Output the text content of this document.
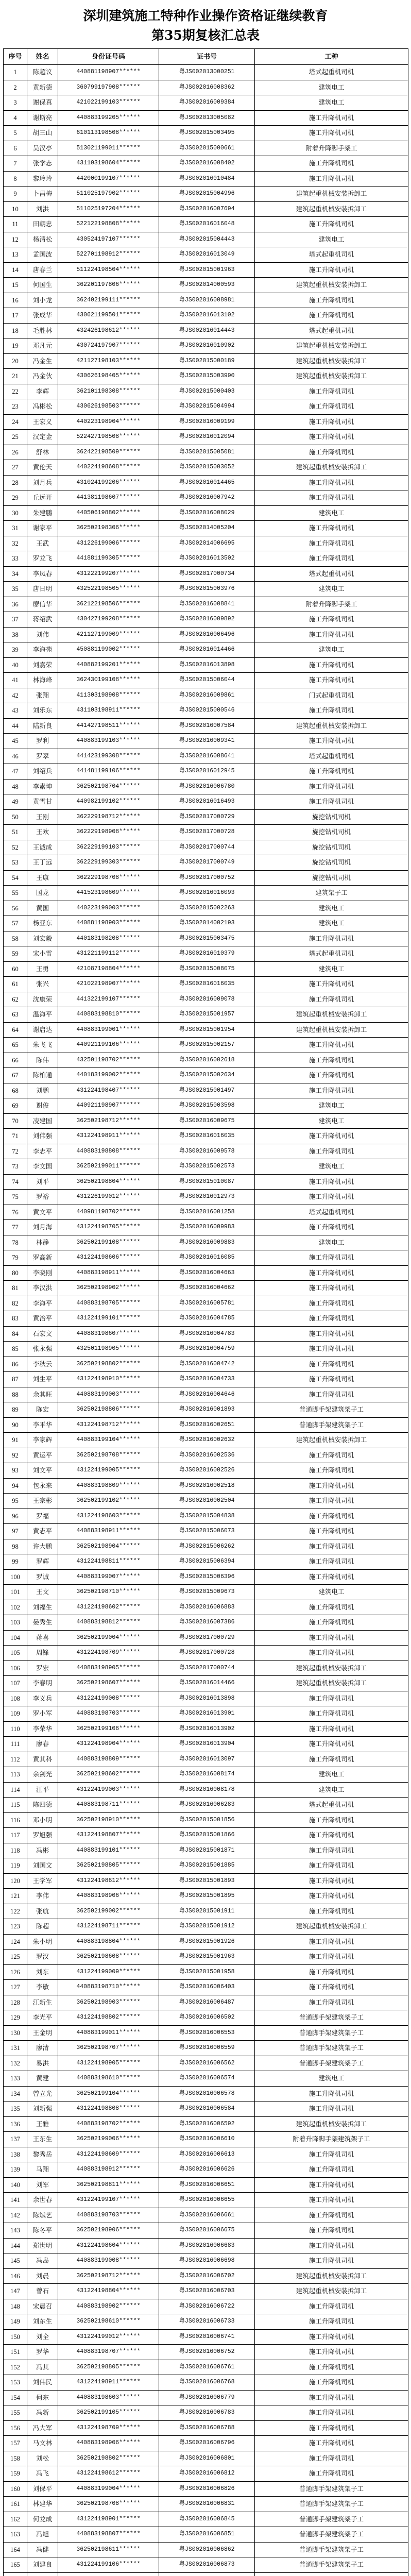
深圳建筑施工特种作业操作资格证继续教育
第35期复核汇总表
序号	姓名	身份证号码	证书号	工种
1	陈超议	440881198907******	粤JS002013000251	塔式起重机司机
2	黄新德	360799197908******	粤JS002016008362	建筑电工
3	谢保真	421022199103******	粤JS002016009384	建筑电工
4	谢斯亮	440883199205******	粤JS002013005082	施工升降机司机
5	胡三山	610113198508******	粤JS002015003495	施工升降机司机
6	吴汉亭	513021199011******	粤JS002015000661	附着升降脚手架工
7	张学志	431103198604******	粤JS002016008402	施工升降机司机
8	黎玲玲	442000199107******	粤JS002016010484	施工升降机司机
9	卜昌梅	511025197902******	粤JS002015004996	建筑起重机械安装拆卸工
10	刘洪	511025197204******	粤JS002016007694	建筑起重机械安装拆卸工
11	田朝忠	522122198808******	粤JS002016016048	施工升降机司机
12	杨清松	430524197107******	粤JS002015004443	建筑电工
13	孟国波	522701198912******	粤JS002016013049	塔式起重机司机
14	唐春兰	511224198504******	粤JS002015001963	施工升降机司机
15	何国生	362201197806******	粤JS002014000593	建筑起重机械安装拆卸工
16	刘小龙	362402199111******	粤JS002016008981	施工升降机司机
17	张成华	430621199501******	粤JS002016013102	施工升降机司机
18	毛胜林	432426198612******	粤JS002016014443	塔式起重机司机
19	邓凡元	430724197907******	粤JS002016010902	建筑起重机械安装拆卸工
20	冯金生	421127198103******	粤JS002015000189	建筑起重机械安装拆卸工
21	冯金伙	430626198405******	粤JS002015003990	建筑起重机械安装拆卸工
22	李辉	362101198308******	粤JS002015000403	施工升降机司机
23	冯彬松	430626198503******	粤JS002015004994	施工升降机司机
24	王宏义	440223198904******	粤JS002016009199	施工升降机司机
25	汉定金	522427198508******	粤JS002016012094	施工升降机司机
26	舒林	362422198509******	粤JS002015005081	施工升降机司机
27	黄伦天	440224198608******	粤JS002015003052	建筑起重机械安装拆卸工
28	刘月兵	431024199206******	粤JS002016014465	施工升降机司机
29	丘远开	441381198607******	粤JS002016007942	施工升降机司机
30	朱建鹏	440506198802******	粤JS002016008029	建筑电工
31	谢家平	362502198306******	粤JS002014005204	施工升降机司机
32	王武	431226199006******	粤JS002014006695	施工升降机司机
33	罗龙飞	441881199305******	粤JS002016013502	施工升降机司机
34	李凤春	431222199207******	粤JS002017000734	塔式起重机司机
35	唐日明	432522198505******	粤JS002015003976	建筑电工
36	廖信华	362122198506******	粤JS002016008841	附着升降脚手架工
37	蒋绍武	430427199208******	粤JS002016009892	施工升降机司机
38	刘伟	421127199009******	粤JS002016006496	施工升降机司机
39	李海苑	450881199002******	粤JS002016014466	建筑电工
40	刘嘉荣	440882199201******	粤JS002016013898	施工升降机司机
41	林海峰	362430199108******	粤JS002015006044	施工升降机司机
42	张翔	411303198908******	粤JS002016009861	门式起重机司机
43	刘乐东	431103198911******	粤JS002015000546	施工升降机司机
44	陆新良	441427198511******	粤JS002016007584	建筑起重机械安装拆卸工
45	罗利	440883199103******	粤JS002016009341	施工升降机司机
46	罗翠	441423199308******	粤JS002016008641	塔式起重机司机
47	刘绍兵	441481199106******	粤JS002016012945	施工升降机司机
48	李素坤	362502198704******	粤JS002016006780	施工升降机司机
49	黄雪甘	440982199102******	粤JS002016016493	施工升降机司机
50	王刚	362229198712******	粤JS002017000729	旋挖钻机司机
51	王欢	362229198908******	粤JS002017000728	旋挖钻机司机
52	王诚成	362229199103******	粤JS002017000744	旋挖钻机司机
53	王丁远	362229199303******	粤JS002017000749	旋挖钻机司机
54	王康	362229198708******	粤JS002017000752	旋挖钻机司机
55	国龙	441523198609******	粤JS002016016093	建筑架子工
56	黄国	440223199003******	粤JS002015002263	建筑电工
57	杨亚东	440881198903******	粤JS002014002193	建筑电工
58	刘宏毅	440183198208******	粤JS002015003475	施工升降机司机
59	宋小雷	431221199112******	粤JS002016010379	塔式起重机司机
60	王勇	421087198804******	粤JS002015008075	建筑电工
61	张兴	421022198907******	粤JS002016016035	施工升降机司机
62	沈康荣	441322199107******	粤JS002016009078	施工升降机司机
63	温海平	440883198810******	粤JS002015001957	建筑起重机械安装拆卸工
64	谢启达	440883199001******	粤JS002015001954	建筑起重机械安装拆卸工
65	朱飞飞	440921199106******	粤JS002015002157	施工升降机司机
66	陈伟	432501198702******	粤JS002016002618	施工升降机司机
67	陈柏通	440183199002******	粤JS002015002634	施工升降机司机
68	刘鹏	431224198407******	粤JS002015001497	施工升降机司机
69	谢俊	440921198907******	粤JS002015003598	建筑电工
70	凌建国	362502198712******	粤JS002016009675	建筑电工
71	刘伟强	431224198911******	粤JS002016016035	施工升降机司机
72	李志平	440883198808******	粤JS002016009578	施工升降机司机
73	李文国	362502199011******	粤JS002015002573	建筑电工
74	刘平	362502198804******	粤JS002015010087	施工升降机司机
75	罗裕	431226199012******	粤JS002016012973	施工升降机司机
76	黄文平	440981198702******	粤JS002016001258	塔式起重机司机
77	刘月海	431224198705******	粤JS002016009983	施工升降机司机
78	林静	362502199108******	粤JS002016009883	建筑电工
79	罗高新	431224198606******	粤JS002016016085	施工升降机司机
80	李晓刚	440883198911******	粤JS002016004663	施工升降机司机
81	李汉洪	362502198902******	粤JS002016004662	施工升降机司机
82	李海平	440883198705******	粤JS002016005781	施工升降机司机
83	黄治平	431224199101******	粤JS002016004785	施工升降机司机
84	石宏文	440883198607******	粤JS002016004783	施工升降机司机
85	张永强	432501198905******	粤JS002016004759	施工升降机司机
86	李秋云	362502198802******	粤JS002016004742	施工升降机司机
87	刘生平	431224198910******	粤JS002016004733	施工升降机司机
88	余其旺	440883199003******	粤JS002016004646	施工升降机司机
89	陈宏	362502198806******	粤JS002016001893	普通脚手架建筑架子工
90	李平华	431224198712******	粤JS002016002651	普通脚手架建筑架子工
91	李家辉	440883199104******	粤JS002016002632	建筑起重机械安装拆卸工
92	黄运平	362502198708******	粤JS002016002536	施工升降机司机
93	刘文平	431224199005******	粤JS002016002526	施工升降机司机
94	包永来	440883198809******	粤JS002016002518	施工升降机司机
95	王宗彬	362502199102******	粤JS002016002504	施工升降机司机
96	罗福	431224198603******	粤JS002015004838	施工升降机司机
97	黄志平	440883198911******	粤JS002015006073	施工升降机司机
98	许大鹏	362502198904******	粤JS002015006262	施工升降机司机
99	罗辉	431224198811******	粤JS002015006394	施工升降机司机
100	罗诚	440883199007******	粤JS002015006396	施工升降机司机
101	王文	362502198710******	粤JS002015009673	建筑电工
102	刘福生	431224198602******	粤JS002016006883	施工升降机司机
103	晏秀生	440883198812******	粤JS002016007386	施工升降机司机
104	蒋喜	362502199004******	粤JS002017000729	施工升降机司机
105	周锋	431224198709******	粤JS002017000728	施工升降机司机
106	罗宏	440883198905******	粤JS002017000744	建筑起重机械安装拆卸工
107	李春明	362502198607******	粤JS002016014466	建筑起重机械安装拆卸工
108	李义兵	431224199008******	粤JS002016013898	施工升降机司机
109	罗小军	440883198703******	粤JS002016013901	施工升降机司机
110	李荣华	362502199106******	粤JS002016013902	施工升降机司机
111	廖春	431224198904******	粤JS002016013904	施工升降机司机
112	黄其科	440883198809******	粤JS002016013097	施工升降机司机
113	余剑光	362502198602******	粤JS002016008174	建筑电工
114	江平	431224199003******	粤JS002016008178	建筑电工
115	陈四德	440883198711******	粤JS002016006283	塔式起重机司机
116	邓小明	362502198910******	粤JS002015001856	施工升降机司机
117	罗旭强	431224198807******	粤JS002015001866	施工升降机司机
118	冯彬	440883199101******	粤JS002015001871	施工升降机司机
119	刘国文	362502198805******	粤JS002015001885	施工升降机司机
120	王学军	431224198612******	粤JS002015001893	施工升降机司机
121	李伟	440883198906******	粤JS002015001895	施工升降机司机
122	张航	362502199002******	粤JS002015001911	施工升降机司机
123	陈超	431224198711******	粤JS002015001912	建筑起重机械安装拆卸工
124	朱小明	440883198804******	粤JS002015001926	施工升降机司机
125	罗汉	362502198608******	粤JS002015001963	施工升降机司机
126	刘东	431224199009******	粤JS002015001958	施工升降机司机
127	李敏	440883198710******	粤JS002016006403	施工升降机司机
128	江新生	362502198903******	粤JS002016006487	施工升降机司机
129	李光平	431224198802******	粤JS002016006502	普通脚手架建筑架子工
130	王金明	440883199011******	粤JS002016006553	普通脚手架建筑架子工
131	廖清	362502198707******	粤JS002016006559	普通脚手架建筑架子工
132	易洪	431224198905******	粤JS002016006562	普通脚手架建筑架子工
133	黄建	440883198610******	粤JS002016006574	建筑电工
134	曾立光	362502199104******	粤JS002016006578	施工升降机司机
135	刘新强	431224198808******	粤JS002016006584	施工升降机司机
136	王雅	440883198702******	粤JS002016006592	建筑起重机械安装拆卸工
137	王东生	362502199006******	粤JS002016006610	附着升降脚手架建筑架子工
138	黎秀岳	431224198609******	粤JS002016006613	施工升降机司机
139	马翔	440883198912******	粤JS002016006626	施工升降机司机
140	刘军	362502198811******	粤JS002016006651	施工升降机司机
141	余世春	431224199107******	粤JS002016006655	施工升降机司机
142	陈斌艺	440883198703******	粤JS002016006661	施工升降机司机
143	陈冬平	362502198906******	粤JS002016006675	施工升降机司机
144	郑世明	431224198604******	粤JS002016006683	施工升降机司机
145	冯岛	440883199008******	粤JS002016006698	施工升降机司机
146	刘晨	362502198712******	粤JS002016006702	建筑起重机械安装拆卸工
147	曾石	431224198804******	粤JS002016006703	建筑起重机械安装拆卸工
148	宋晨召	440883198902******	粤JS002016006722	施工升降机司机
149	刘东生	362502198610******	粤JS002016006733	施工升降机司机
150	刘全	431224199012******	粤JS002016006741	施工升降机司机
151	罗华	440883198707******	粤JS002016006752	施工升降机司机
152	冯其	362502198805******	粤JS002016006761	施工升降机司机
153	刘伟民	431224198911******	粤JS002016006768	施工升降机司机
154	何东	440883198603******	粤JS002016006779	施工升降机司机
155	冯新	362502199105******	粤JS002016006783	施工升降机司机
156	冯大军	431224198709******	粤JS002016006788	施工升降机司机
157	马文林	440883198906******	粤JS002016006796	施工升降机司机
158	刘松	362502198802******	粤JS002016006801	施工升降机司机
159	冯飞	431224198612******	粤JS002016006812	施工升降机司机
160	刘保平	440883199004******	粤JS002016006826	普通脚手架建筑架子工
161	林建华	362502198708******	粤JS002016006831	普通脚手架建筑架子工
162	何龙成	431224198901******	粤JS002016006845	普通脚手架建筑架子工
163	冯旭	440883198807******	粤JS002016006851	普通脚手架建筑架子工
164	冯健	362502198611******	粤JS002016006862	普通脚手架建筑架子工
165	刘建良	431224199106******	粤JS002016006873	普通脚手架建筑架子工
